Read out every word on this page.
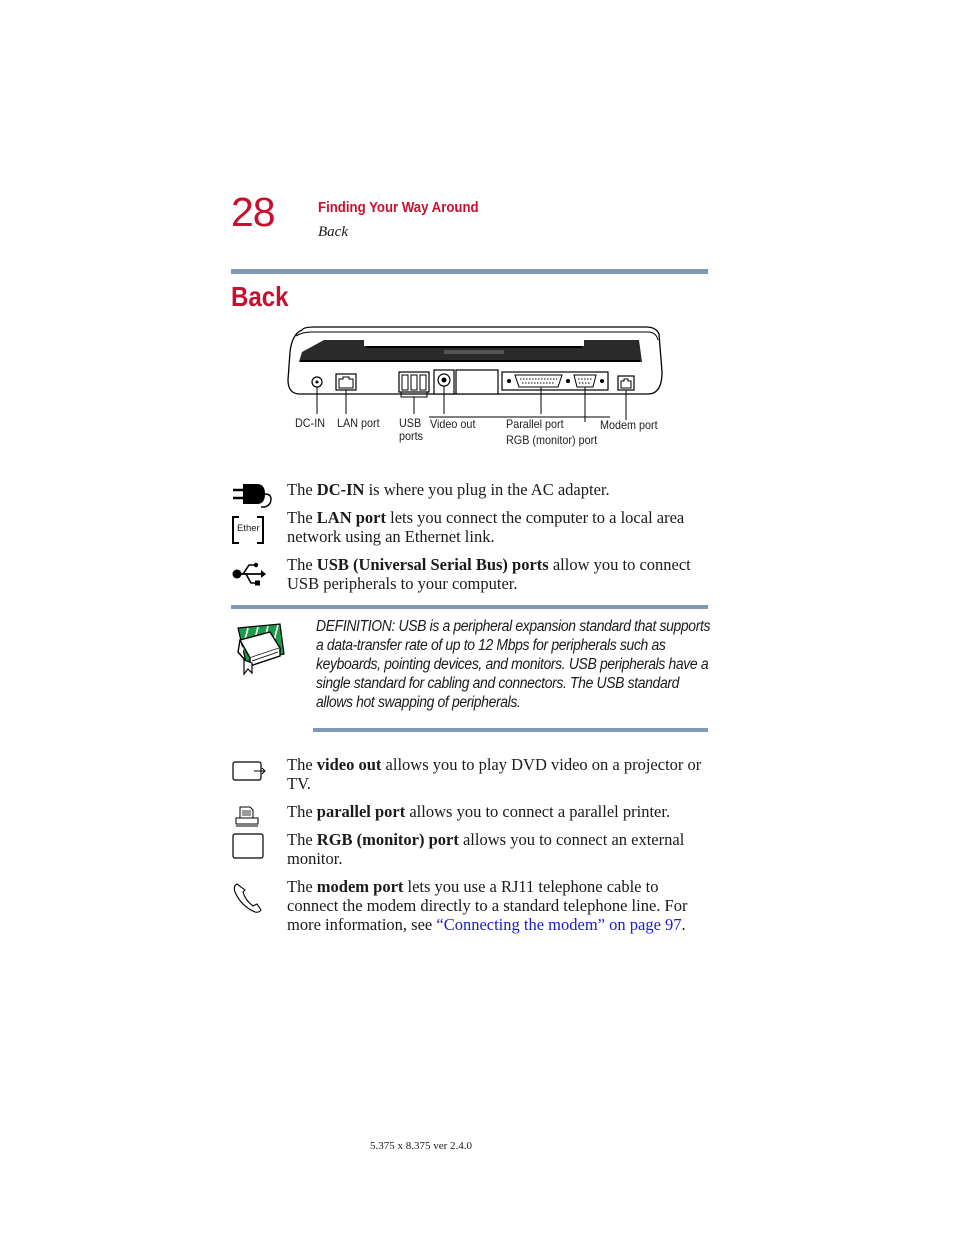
28	Finding Your Way Around
Back
Back
DC-IN LAN port USB
ports
Video out	Parallel port
RGB (monitor) port
Modem port
The DC-IN is where you plug in the AC adapter.
Ether
The LAN port lets you connect the computer to a local area network using an Ethernet link.
The USB (Universal Serial Bus) ports allow you to connect USB peripherals to your computer.
DEFINITION: USB is a peripheral expansion standard that supports a data-transfer rate of up to 12 Mbps for peripherals such as keyboards, pointing devices, and monitors. USB peripherals have a single standard for cabling and connectors. The USB standard allows hot swapping of peripherals.
The video out allows you to play DVD video on a projector or TV.
The parallel port allows you to connect a parallel printer.
The RGB (monitor) port allows you to connect an external monitor.
The modem port lets you use a RJ11 telephone cable to connect the modem directly to a standard telephone line. For more information, see “Connecting the modem” on page 97.
5.375 x 8.375 ver 2.4.0
